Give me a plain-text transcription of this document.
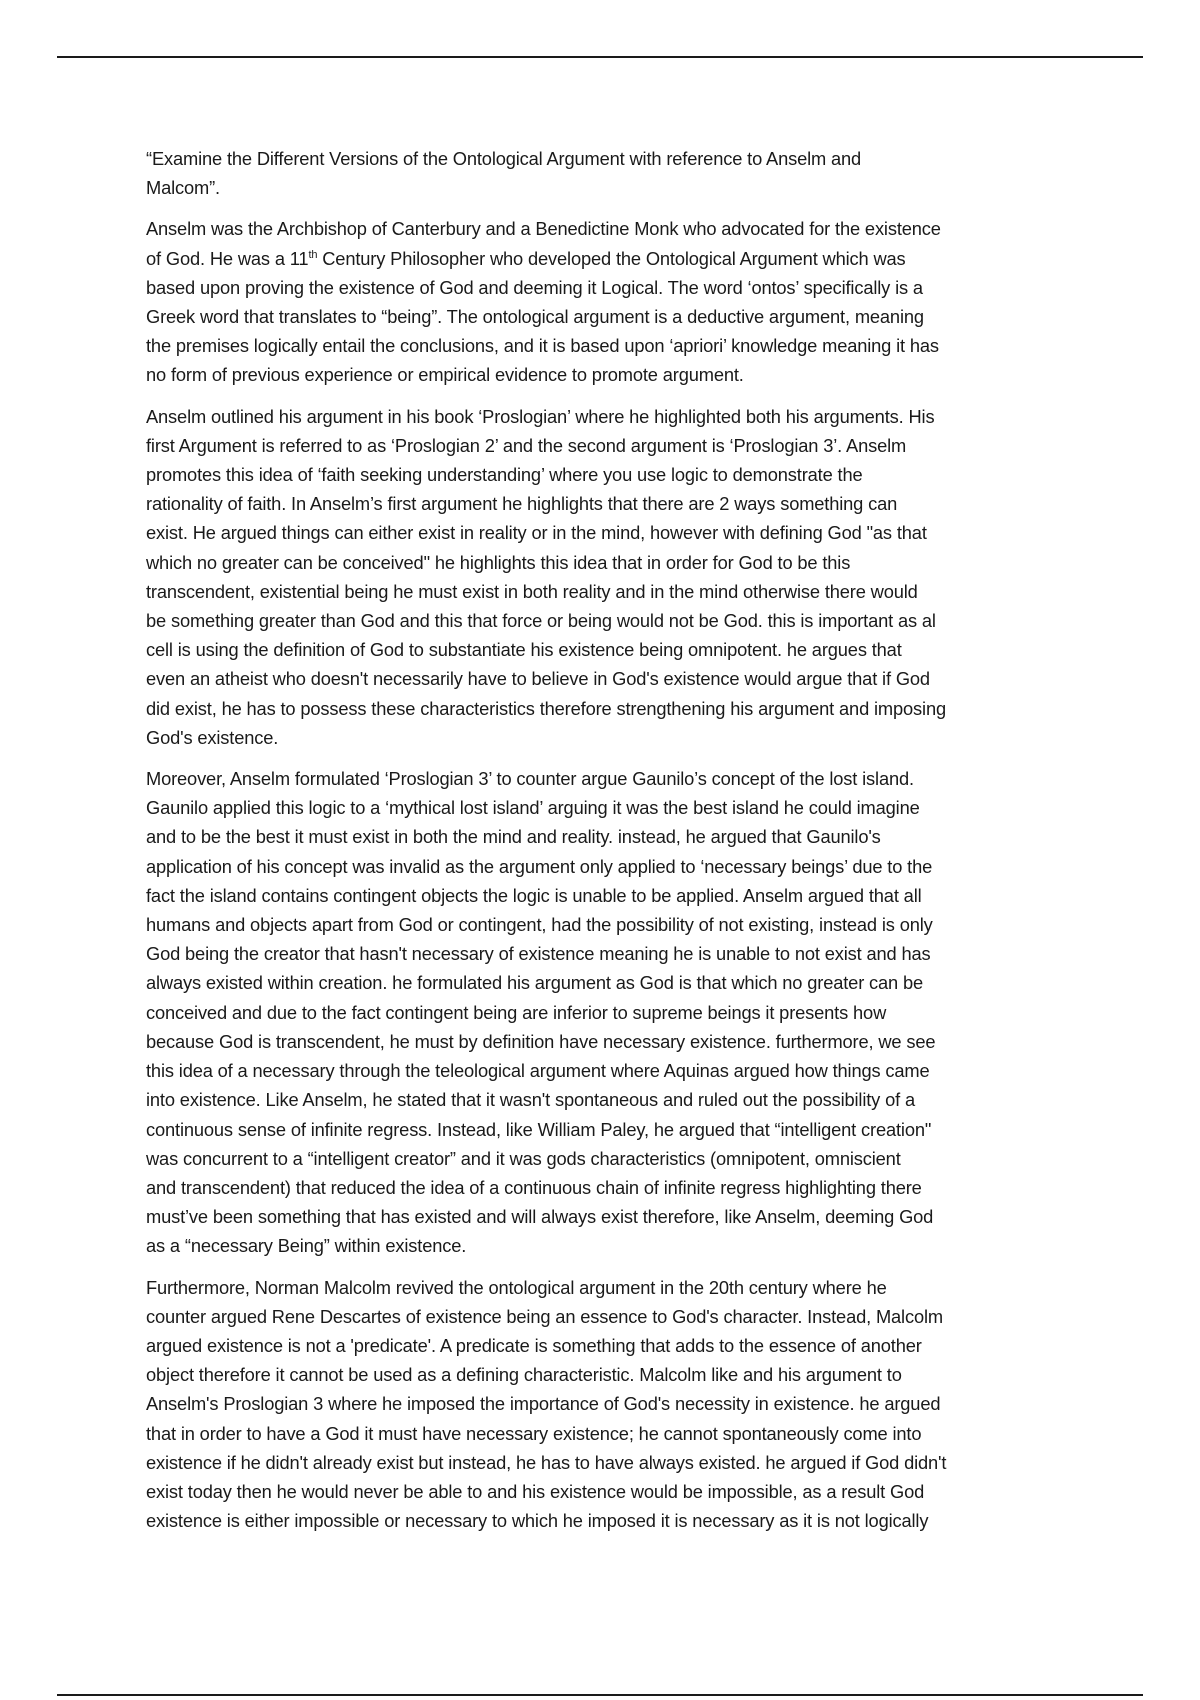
“Examine the Different Versions of the Ontological Argument with reference to Anselm and
Malcom”.

Anselm was the Archbishop of Canterbury and a Benedictine Monk who advocated for the existence
of God. He was a 11th Century Philosopher who developed the Ontological Argument which was
based upon proving the existence of God and deeming it Logical. The word ‘ontos’ specifically is a
Greek word that translates to “being”. The ontological argument is a deductive argument, meaning
the premises logically entail the conclusions, and it is based upon ‘apriori’ knowledge meaning it has
no form of previous experience or empirical evidence to promote argument.

Anselm outlined his argument in his book ‘Proslogian’ where he highlighted both his arguments. His
first Argument is referred to as ‘Proslogian 2’ and the second argument is ‘Proslogian 3’. Anselm
promotes this idea of ‘faith seeking understanding’ where you use logic to demonstrate the
rationality of faith. In Anselm’s first argument he highlights that there are 2 ways something can
exist. He argued things can either exist in reality or in the mind, however with defining God "as that
which no greater can be conceived" he highlights this idea that in order for God to be this
transcendent, existential being he must exist in both reality and in the mind otherwise there would
be something greater than God and this that force or being would not be God. this is important as al
cell is using the definition of God to substantiate his existence being omnipotent. he argues that
even an atheist who doesn't necessarily have to believe in God's existence would argue that if God
did exist, he has to possess these characteristics therefore strengthening his argument and imposing
God's existence.

Moreover, Anselm formulated ‘Proslogian 3’ to counter argue Gaunilo’s concept of the lost island.
Gaunilo applied this logic to a ‘mythical lost island’ arguing it was the best island he could imagine
and to be the best it must exist in both the mind and reality. instead, he argued that Gaunilo's
application of his concept was invalid as the argument only applied to ‘necessary beings’ due to the
fact the island contains contingent objects the logic is unable to be applied. Anselm argued that all
humans and objects apart from God or contingent, had the possibility of not existing, instead is only
God being the creator that hasn't necessary of existence meaning he is unable to not exist and has
always existed within creation. he formulated his argument as God is that which no greater can be
conceived and due to the fact contingent being are inferior to supreme beings it presents how
because God is transcendent, he must by definition have necessary existence. furthermore, we see
this idea of a necessary through the teleological argument where Aquinas argued how things came
into existence. Like Anselm, he stated that it wasn't spontaneous and ruled out the possibility of a
continuous sense of infinite regress. Instead, like William Paley, he argued that “intelligent creation"
was concurrent to a “intelligent creator” and it was gods characteristics (omnipotent, omniscient
and transcendent) that reduced the idea of a continuous chain of infinite regress highlighting there
must’ve been something that has existed and will always exist therefore, like Anselm, deeming God
as a “necessary Being” within existence.

Furthermore, Norman Malcolm revived the ontological argument in the 20th century where he
counter argued Rene Descartes of existence being an essence to God's character. Instead, Malcolm
argued existence is not a 'predicate'. A predicate is something that adds to the essence of another
object therefore it cannot be used as a defining characteristic. Malcolm like and his argument to
Anselm's Proslogian 3 where he imposed the importance of God's necessity in existence. he argued
that in order to have a God it must have necessary existence; he cannot spontaneously come into
existence if he didn't already exist but instead, he has to have always existed. he argued if God didn't
exist today then he would never be able to and his existence would be impossible, as a result God
existence is either impossible or necessary to which he imposed it is necessary as it is not logically
